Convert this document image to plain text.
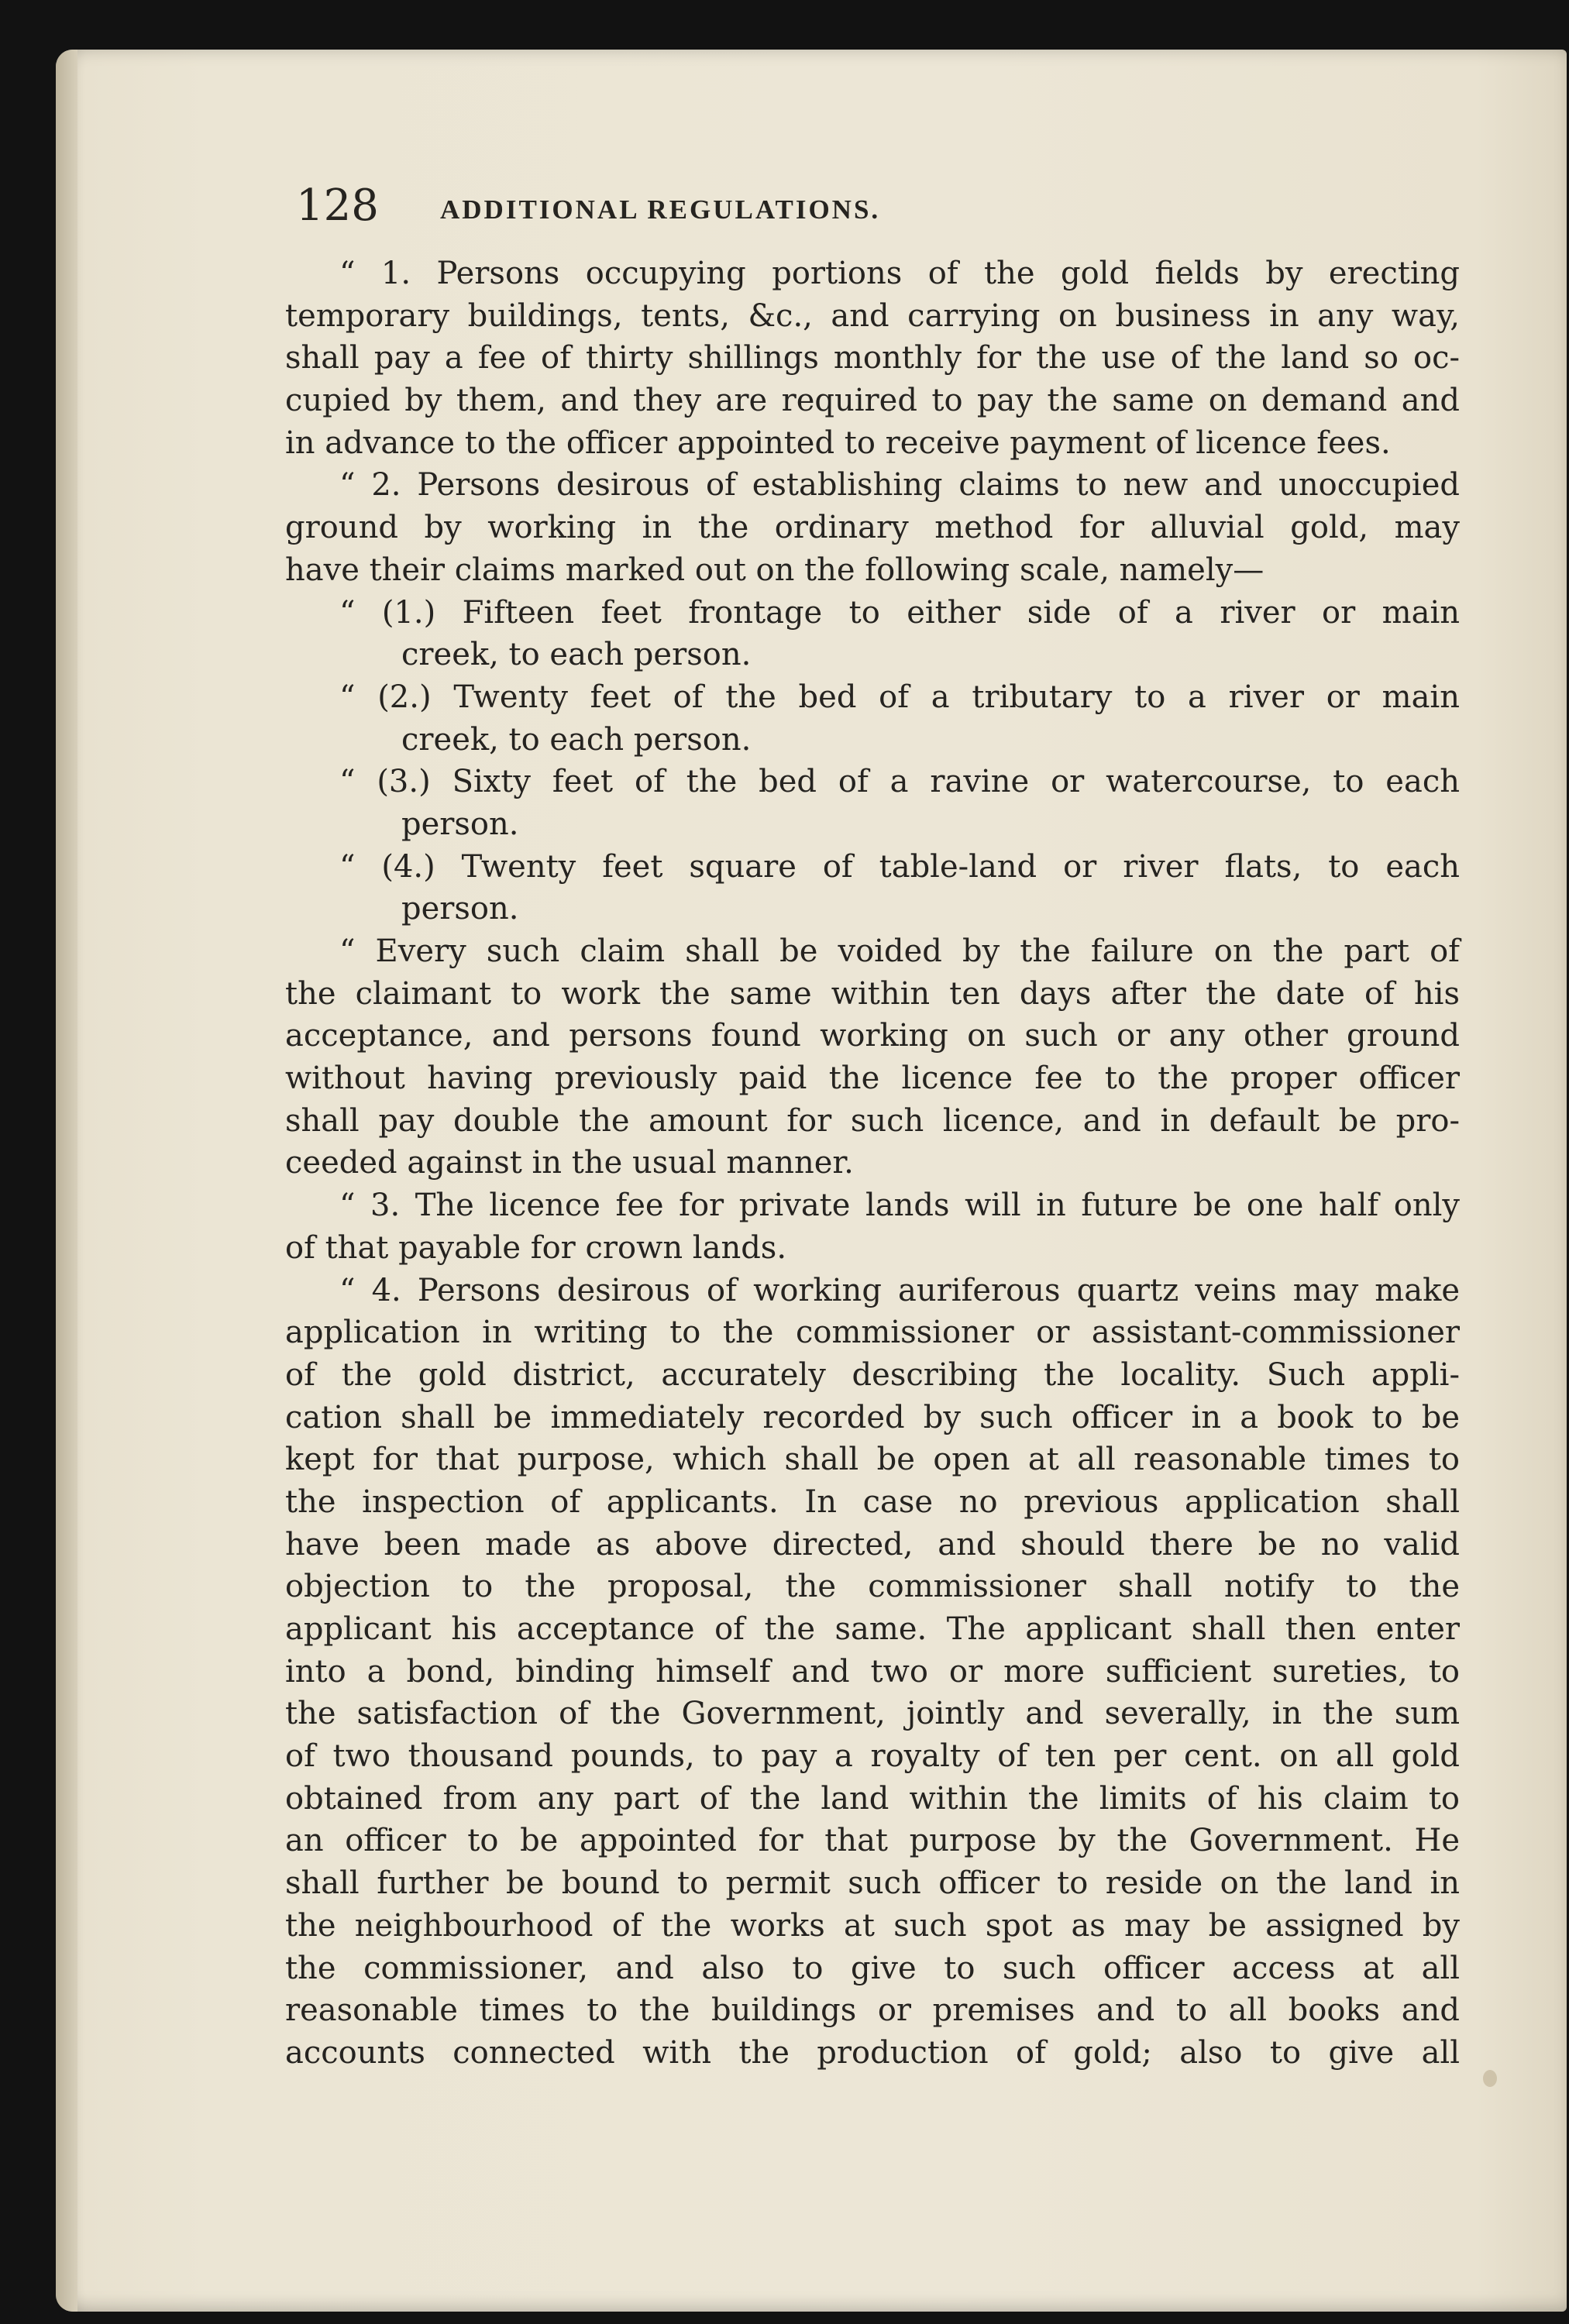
128 ADDITIONAL REGULATIONS.
“ 1. Persons occupying portions of the gold fields by erecting
temporary buildings, tents, &c., and carrying on business in any way,
shall pay a fee of thirty shillings monthly for the use of the land so oc-
cupied by them, and they are required to pay the same on demand and
in advance to the officer appointed to receive payment of licence fees.
“ 2. Persons desirous of establishing claims to new and unoccupied
ground by working in the ordinary method for alluvial gold, may
have their claims marked out on the following scale, namely—
“ (1.) Fifteen feet frontage to either side of a river or main
creek, to each person.
“ (2.) Twenty feet of the bed of a tributary to a river or main
creek, to each person.
“ (3.) Sixty feet of the bed of a ravine or watercourse, to each
person.
“ (4.) Twenty feet square of table-land or river flats, to each
person.
“ Every such claim shall be voided by the failure on the part of
the claimant to work the same within ten days after the date of his
acceptance, and persons found working on such or any other ground
without having previously paid the licence fee to the proper officer
shall pay double the amount for such licence, and in default be pro-
ceeded against in the usual manner.
“ 3. The licence fee for private lands will in future be one half only
of that payable for crown lands.
“ 4. Persons desirous of working auriferous quartz veins may make
application in writing to the commissioner or assistant-commissioner
of the gold district, accurately describing the locality. Such appli-
cation shall be immediately recorded by such officer in a book to be
kept for that purpose, which shall be open at all reasonable times to
the inspection of applicants. In case no previous application shall
have been made as above directed, and should there be no valid
objection to the proposal, the commissioner shall notify to the
applicant his acceptance of the same. The applicant shall then enter
into a bond, binding himself and two or more sufficient sureties, to
the satisfaction of the Government, jointly and severally, in the sum
of two thousand pounds, to pay a royalty of ten per cent. on all gold
obtained from any part of the land within the limits of his claim to
an officer to be appointed for that purpose by the Government. He
shall further be bound to permit such officer to reside on the land in
the neighbourhood of the works at such spot as may be assigned by
the commissioner, and also to give to such officer access at all
reasonable times to the buildings or premises and to all books and
accounts connected with the production of gold; also to give all
